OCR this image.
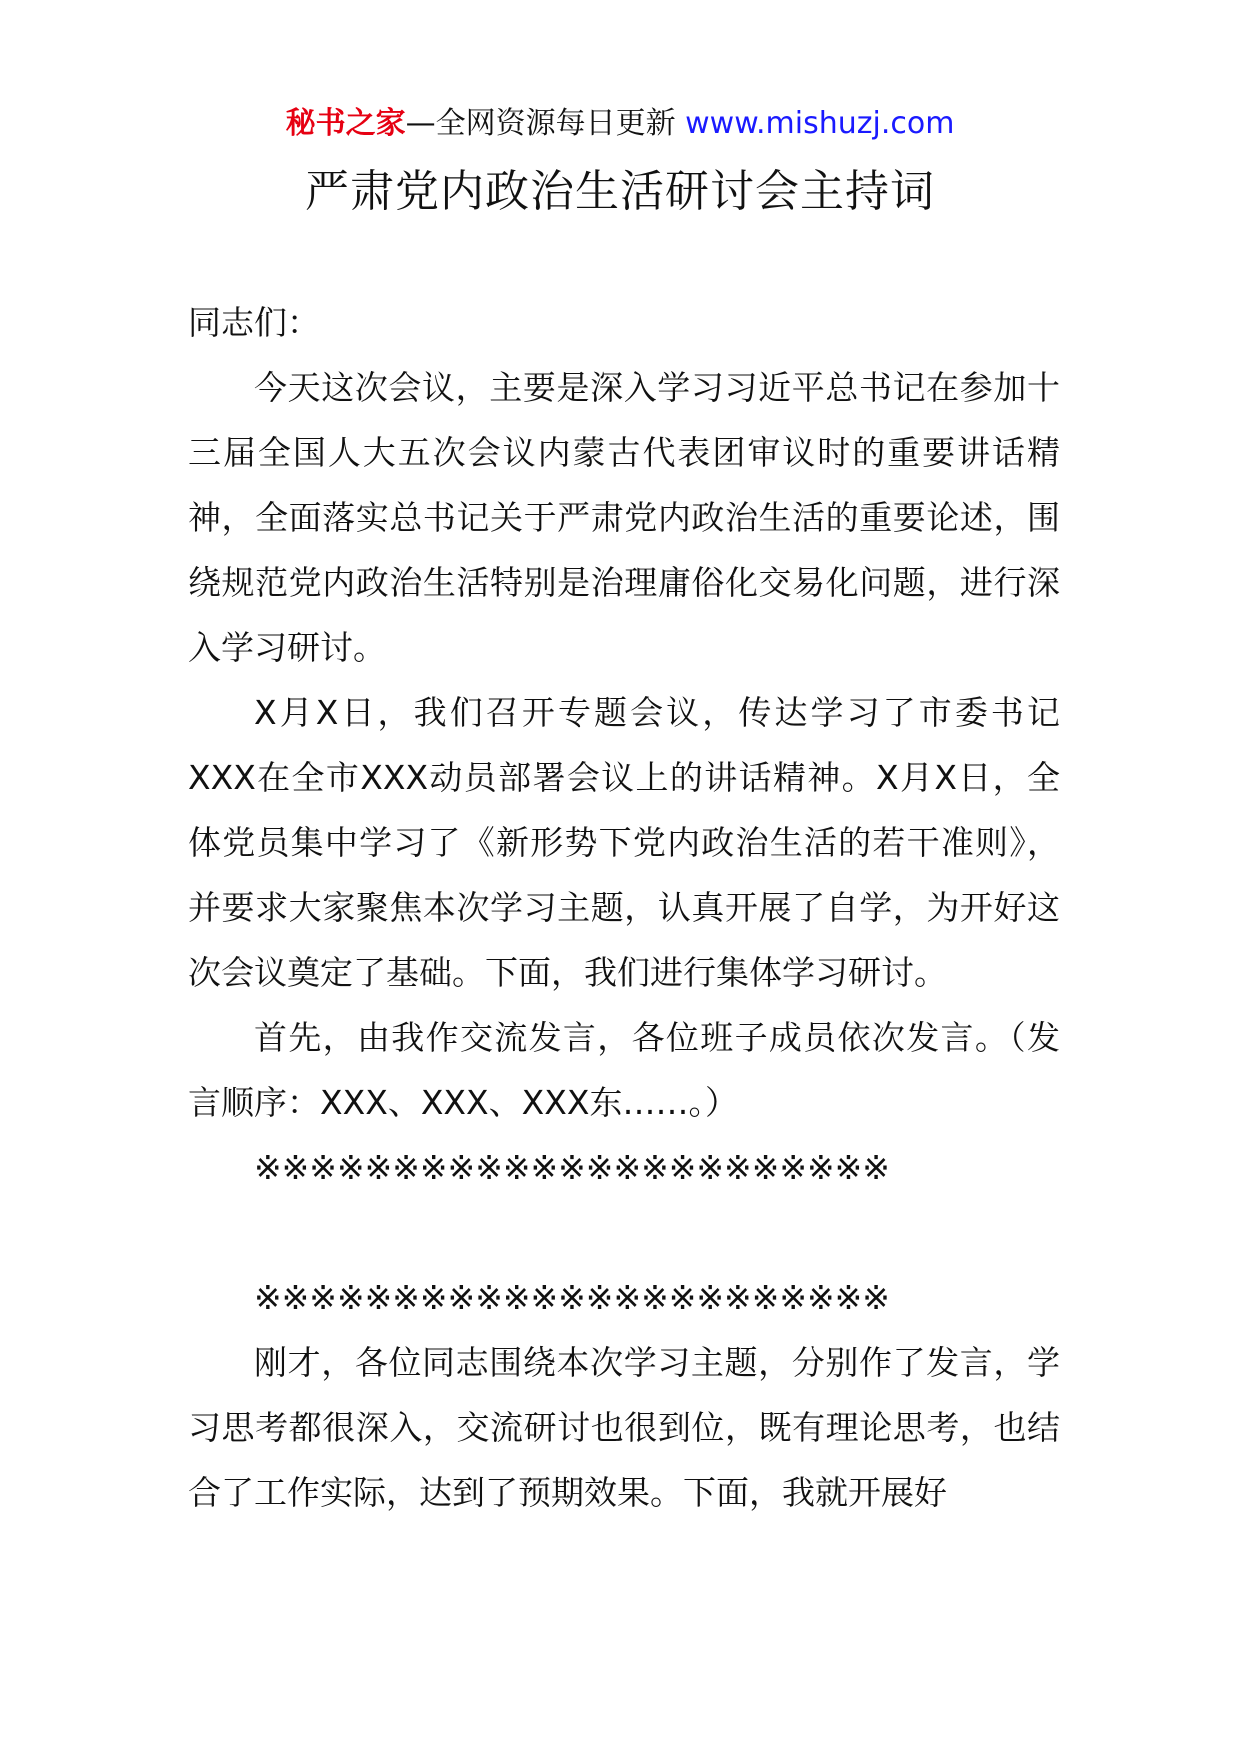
秘书之家—全网资源每日更新 www.mishuzj.com
严肃党内政治生活研讨会主持词

同志们：

今天这次会议，主要是深入学习习近平总书记在参加十三届全国人大五次会议内蒙古代表团审议时的重要讲话精神，全面落实总书记关于严肃党内政治生活的重要论述，围绕规范党内政治生活特别是治理庸俗化交易化问题，进行深入学习研讨。

X月X日，我们召开专题会议，传达学习了市委书记XXX在全市XXX动员部署会议上的讲话精神。X月X日，全体党员集中学习了《新形势下党内政治生活的若干准则》，并要求大家聚焦本次学习主题，认真开展了自学，为开好这次会议奠定了基础。下面，我们进行集体学习研讨。

首先，由我作交流发言，各位班子成员依次发言。（发言顺序：XXX、XXX、XXX东……。）

※※※※※※※※※※※※※※※※※※※※※※※

※※※※※※※※※※※※※※※※※※※※※※※

刚才，各位同志围绕本次学习主题，分别作了发言，学习思考都很深入，交流研讨也很到位，既有理论思考，也结合了工作实际，达到了预期效果。下面，我就开展好
